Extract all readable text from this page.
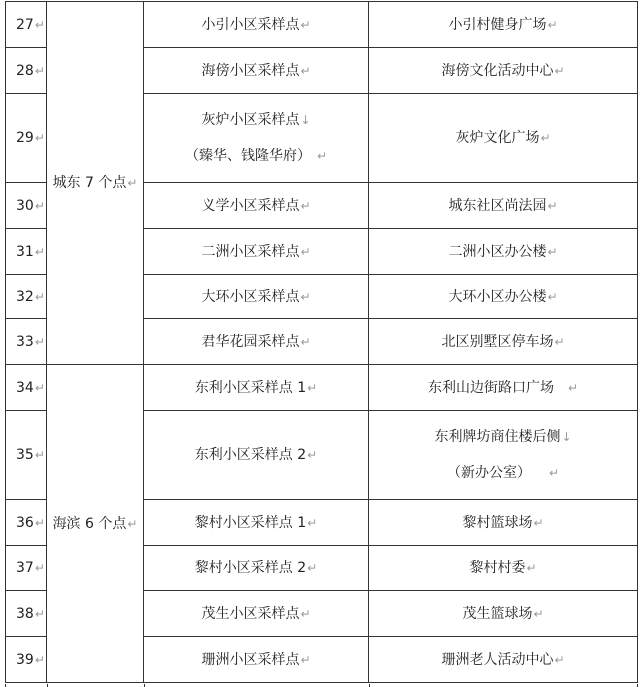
27↵	城东 7 个点↵	小引小区采样点↵	小引村健身广场↵
28↵		海傍小区采样点↵	海傍文化活动中心↵
29↵		灰炉小区采样点↓
（臻华、钱隆华府） ↵	灰炉文化广场↵
30↵		义学小区采样点↵	城东社区尚法园↵
31↵		二洲小区采样点↵	二洲小区办公楼↵
32↵		大环小区采样点↵	大环小区办公楼↵
33↵		君华花园采样点↵	北区别墅区停车场↵
34↵	海滨 6 个点↵	东利小区采样点 1↵	东利山边街路口广场 ↵
35↵		东利小区采样点 2↵	东利牌坊商住楼后侧↓
（新办公室） ↵

36↵		黎村小区采样点 1↵	黎村篮球场↵
37↵		黎村小区采样点 2↵	黎村村委↵
38↵		茂生小区采样点↵	茂生篮球场↵
39↵		珊洲小区采样点↵	珊洲老人活动中心↵
